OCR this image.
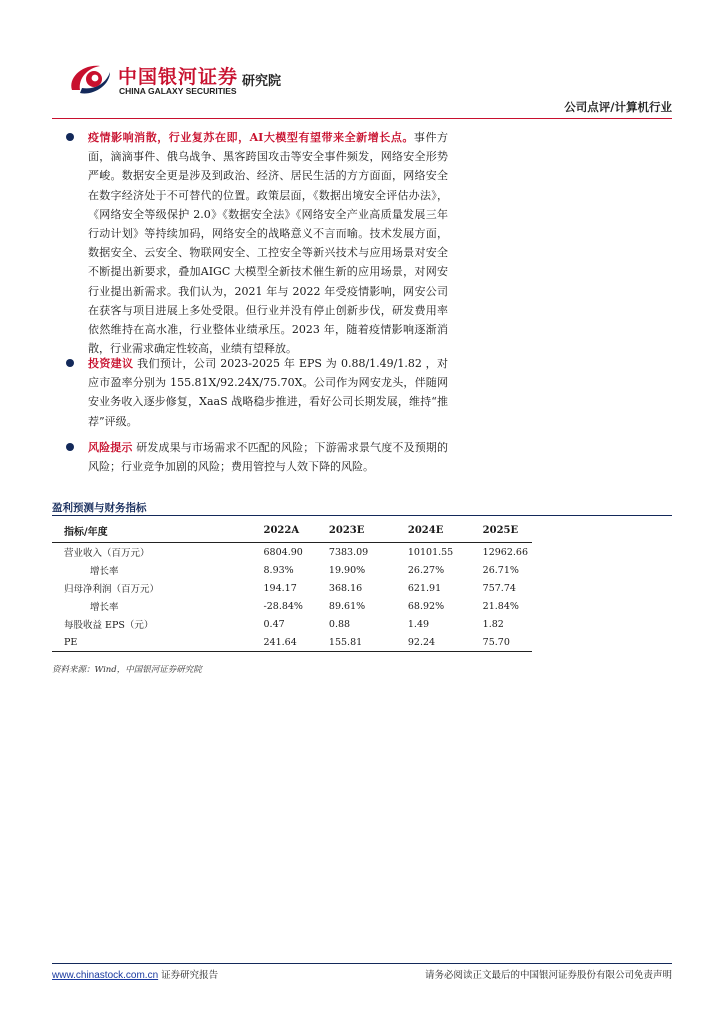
中国银河证券
CHINA GALAXY SECURITIES
研究院
公司点评/计算机行业
疫情影响消散，行业复苏在即，AI大模型有望带来全新增长点。事件方面，滴滴事件、俄乌战争、黑客跨国攻击等安全事件频发，网络安全形势严峻。数据安全更是涉及到政治、经济、居民生活的方方面面，网络安全在数字经济处于不可替代的位置。政策层面，《数据出境安全评估办法》，《网络安全等级保护 2.0》《数据安全法》《网络安全产业高质量发展三年行动计划》等持续加码，网络安全的战略意义不言而喻。技术发展方面，数据安全、云安全、物联网安全、工控安全等新兴技术与应用场景对安全不断提出新要求，叠加AIGC 大模型全新技术催生新的应用场景，对网安行业提出新需求。我们认为，2021 年与 2022 年受疫情影响，网安公司在获客与项目进展上多处受限。但行业并没有停止创新步伐，研发费用率依然维持在高水准，行业整体业绩承压。2023 年，随着疫情影响逐渐消散，行业需求确定性较高，业绩有望释放。
投资建议 我们预计，公司 2023-2025 年 EPS 为 0.88/1.49/1.82 ，对应市盈率分别为 155.81X/92.24X/75.70X。公司作为网安龙头，伴随网安业务收入逐步修复，XaaS 战略稳步推进，看好公司长期发展，维持“推荐”评级。
风险提示 研发成果与市场需求不匹配的风险；下游需求景气度不及预期的风险；行业竞争加剧的风险；费用管控与人效下降的风险。
盈利预测与财务指标
指标/年度	2022A	2023E	2024E	2025E
营业收入（百万元）	6804.90	7383.09	10101.55	12962.66
增长率	8.93%	19.90%	26.27%	26.71%
归母净利润（百万元）	194.17	368.16	621.91	757.74
增长率	-28.84%	89.61%	68.92%	21.84%
每股收益 EPS（元）	0.47	0.88	1.49	1.82
PE	241.64	155.81	92.24	75.70
资料来源：Wind，中国银河证券研究院
www.chinastock.com.cn 证券研究报告	请务必阅读正文最后的中国银河证券股份有限公司免责声明
